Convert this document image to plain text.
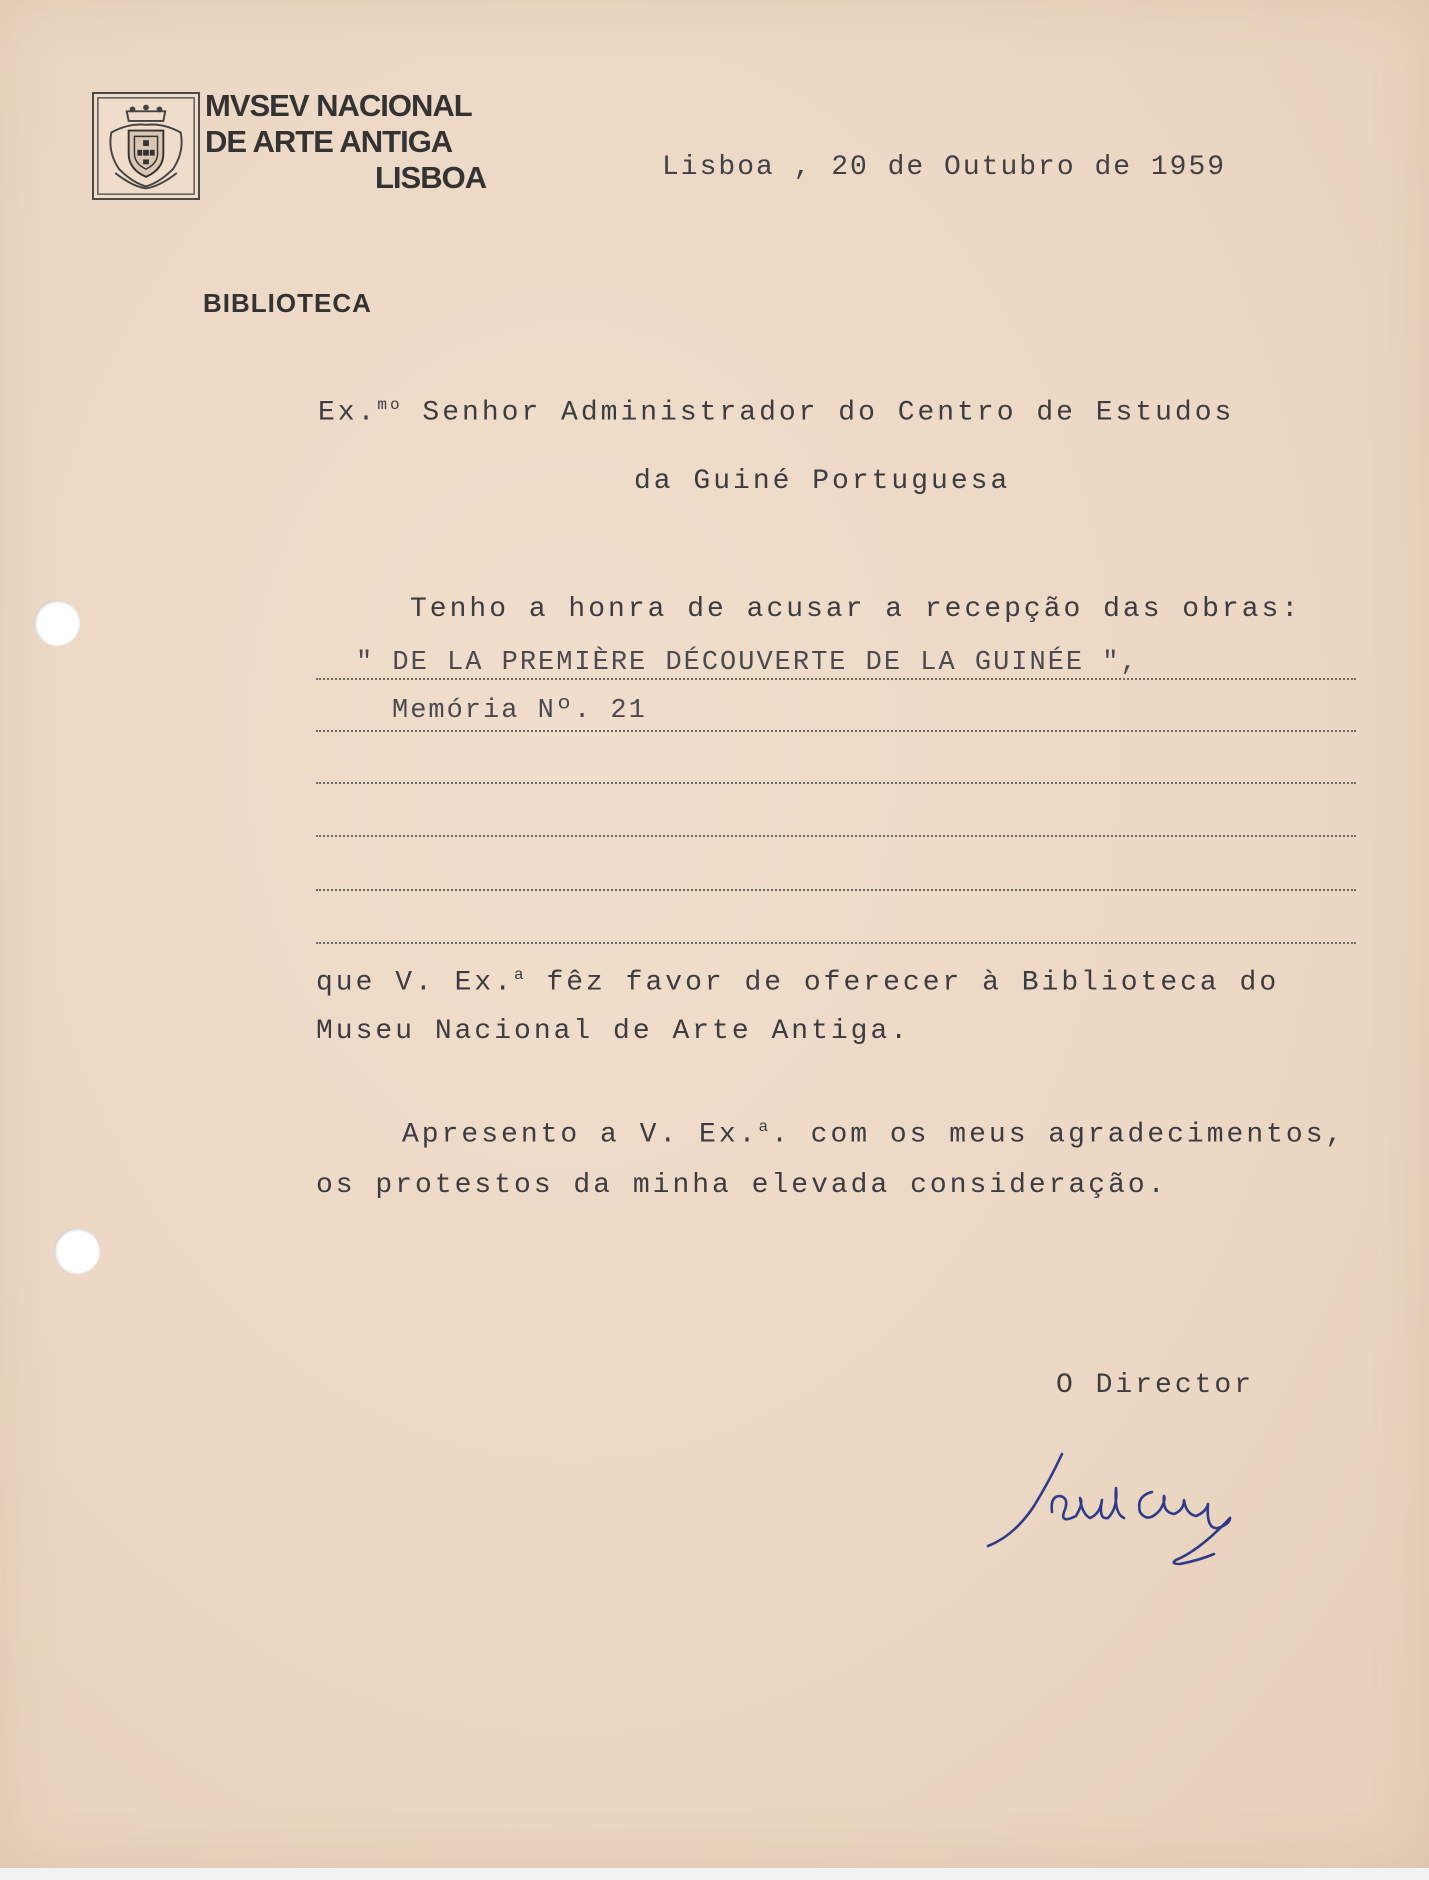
MVSEV NACIONAL
DE ARTE ANTIGA
LISBOA	Lisboa , 20 de Outubro de 1959
BIBLIOTECA
Ex.$^{mo}$ Senhor Administrador do Centro de Estudos
da Guiné Portuguesa
Tenho a honra de acusar a recepção das obras:
" DE LA PREMIÈRE DÉCOUVERTE DE LA GUINÉE ",
Memória Nº. 21
que V. Ex.$^a$ fêz favor de oferecer à Biblioteca do
Museu Nacional de Arte Antiga.
Apresento a V. Ex.$^a$. com os meus agradecimentos,
os protestos da minha elevada consideração.
O Director
